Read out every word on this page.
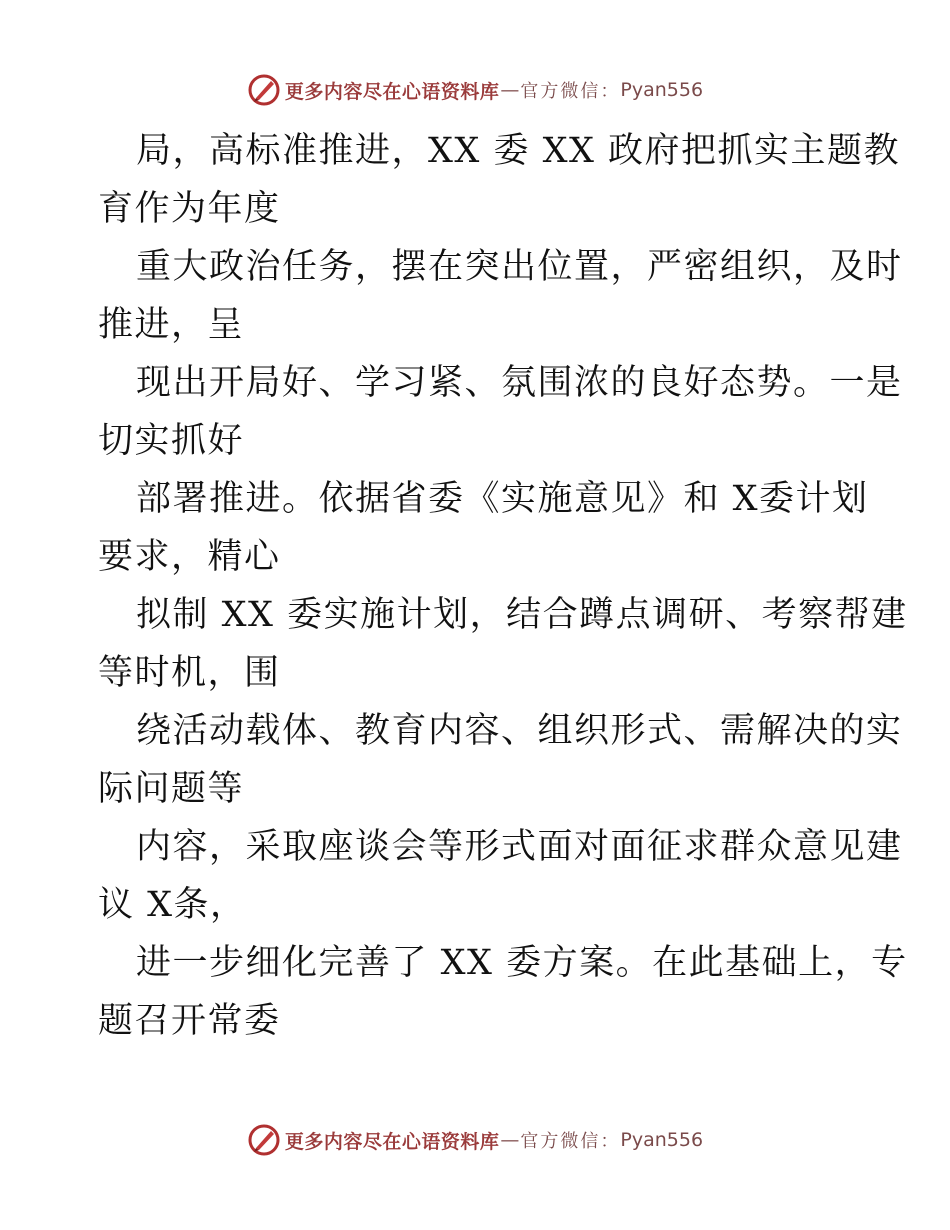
更多内容尽在心语资料库 — 官方微信： Pyan556

局，高标准推进，XX 委 XX 政府把抓实主题教
育作为年度

重大政治任务，摆在突出位置，严密组织，及时
推进，呈

现出开局好、学习紧、氛围浓的良好态势。一是
切实抓好

部署推进。依据省委《实施意见》和 X委计划
要求，精心

拟制 XX 委实施计划，结合蹲点调研、考察帮建
等时机，围

绕活动载体、教育内容、组织形式、需解决的实
际问题等

内容，采取座谈会等形式面对面征求群众意见建
议 X条，

进一步细化完善了 XX 委方案。在此基础上，专
题召开常委

更多内容尽在心语资料库 — 官方微信： Pyan556
